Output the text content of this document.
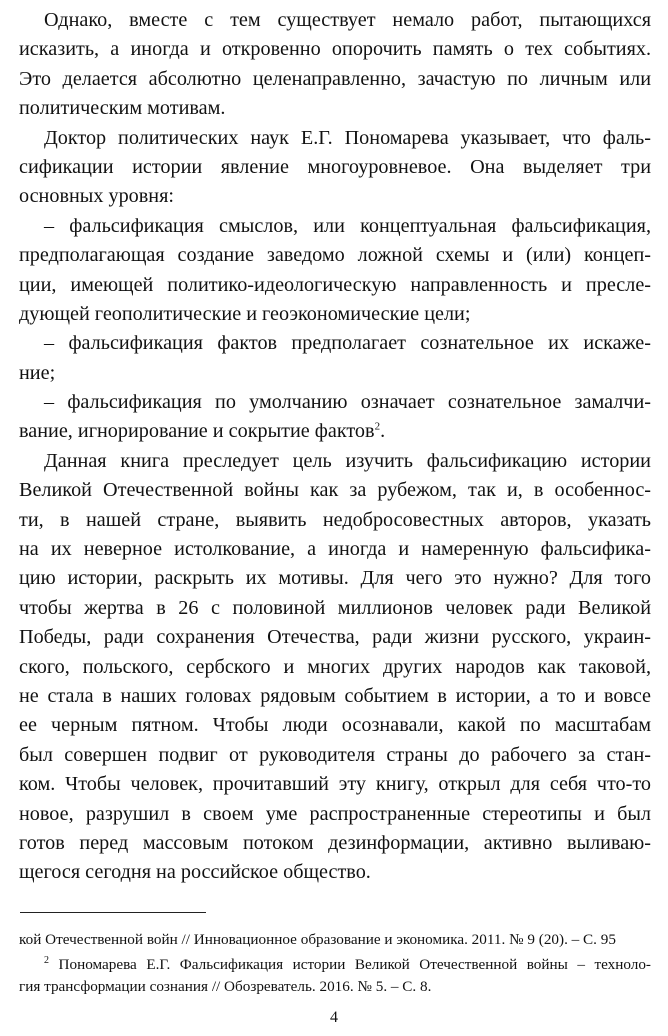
Однако, вместе с тем существует немало работ, пытающихся
исказить, а иногда и откровенно опорочить память о тех событиях.
Это делается абсолютно целенаправленно, зачастую по личным или
политическим мотивам.
Доктор политических наук Е.Г. Пономарева указывает, что фаль-
сификации истории явление многоуровневое. Она выделяет три
основных уровня:
– фальсификация смыслов, или концептуальная фальсификация,
предполагающая создание заведомо ложной схемы и (или) концеп-
ции, имеющей политико-идеологическую направленность и пресле-
дующей геополитические и геоэкономические цели;
– фальсификация фактов предполагает сознательное их искаже-
ние;
– фальсификация по умолчанию означает сознательное замалчи-
вание, игнорирование и сокрытие фактов$^2$.
Данная книга преследует цель изучить фальсификацию истории
Великой Отечественной войны как за рубежом, так и, в особеннос-
ти, в нашей стране, выявить недобросовестных авторов, указать
на их неверное истолкование, а иногда и намеренную фальсифика-
цию истории, раскрыть их мотивы. Для чего это нужно? Для того
чтобы жертва в 26 с половиной миллионов человек ради Великой
Победы, ради сохранения Отечества, ради жизни русского, украин-
ского, польского, сербского и многих других народов как таковой,
не стала в наших головах рядовым событием в истории, а то и вовсе
ее черным пятном. Чтобы люди осознавали, какой по масштабам
был совершен подвиг от руководителя страны до рабочего за стан-
ком. Чтобы человек, прочитавший эту книгу, открыл для себя что-то
новое, разрушил в своем уме распространенные стереотипы и был
готов перед массовым потоком дезинформации, активно выливаю-
щегося сегодня на российское общество.
кой Отечественной войн // Инновационное образование и экономика. 2011. № 9 (20). – С. 95
$^2$ Пономарева Е.Г. Фальсификация истории Великой Отечественной войны – техноло-
гия трансформации сознания // Обозреватель. 2016. № 5. – С. 8.
4
